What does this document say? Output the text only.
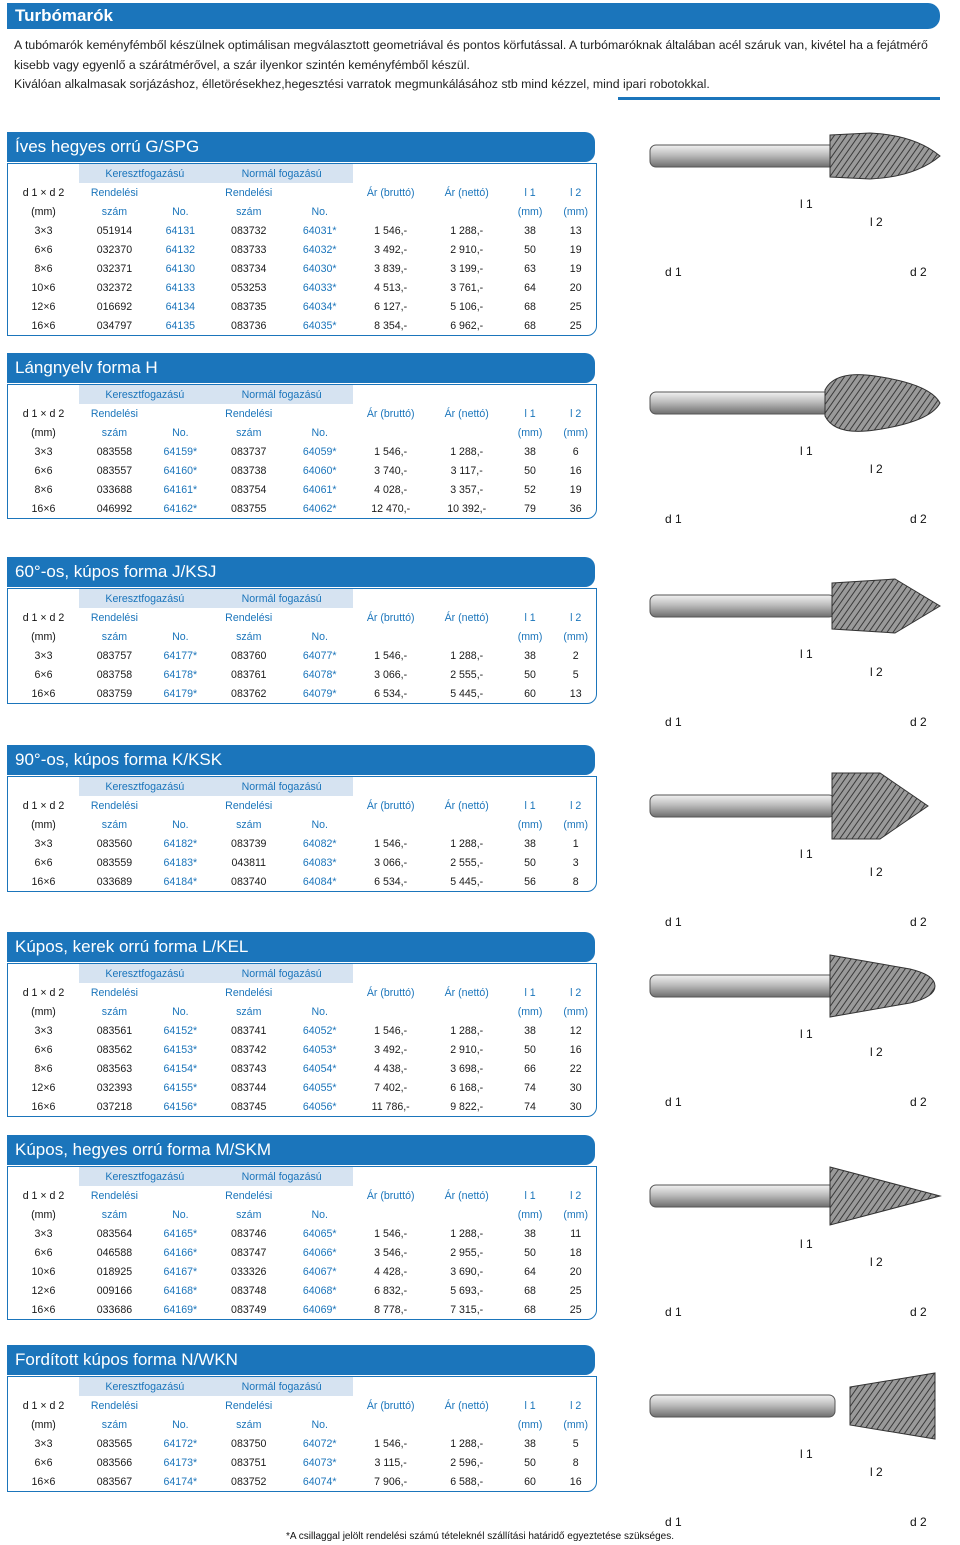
Turbómarók

A tubómarók keményfémből készülnek optimálisan megválasztott geometriával és pontos körfutással. A turbómaróknak általában acél száruk van, kivétel ha a fejátmérő kisebb vagy egyenlő a szárátmérővel, a szár ilyenkor szintén keményfémből készül.

Kiválóan alkalmasak sorjázáshoz, élletörésekhez,hegesztési varratok megmunkálásához stb mind kézzel, mind ipari robotokkal.

Íves hegyes orrú G/SPG
	Keresztfogazású		Normál fogazású					
d 1 × d 2	Rendelési		Rendelési		Ár (bruttó)	Ár (nettó)	l 1	l 2
(mm)	szám	No.	szám	No.			(mm)	(mm)
3×3	051914	64131	083732	64031*	1 546,-	1 288,-	38	13
6×6	032370	64132	083733	64032*	3 492,-	2 910,-	50	19
8×6	032371	64130	083734	64030*	3 839,-	3 199,-	63	19
10×6	032372	64133	053253	64033*	4 513,-	3 761,-	64	20
12×6	016692	64134	083735	64034*	6 127,-	5 106,-	68	25
16×6	034797	64135	083736	64035*	8 354,-	6 962,-	68	25
l 1
l 2
d 1	d 2
Lángnyelv forma H
	Keresztfogazású		Normál fogazású					
d 1 × d 2	Rendelési		Rendelési		Ár (bruttó)	Ár (nettó)	l 1	l 2
(mm)	szám	No.	szám	No.			(mm)	(mm)
3×3	083558	64159*	083737	64059*	1 546,-	1 288,-	38	6
6×6	083557	64160*	083738	64060*	3 740,-	3 117,-	50	16
8×6	033688	64161*	083754	64061*	4 028,-	3 357,-	52	19
16×6	046992	64162*	083755	64062*	12 470,-	10 392,-	79	36
l 1
l 2
d 1	d 2
60°-os, kúpos forma J/KSJ
	Keresztfogazású		Normál fogazású					
d 1 × d 2	Rendelési		Rendelési		Ár (bruttó)	Ár (nettó)	l 1	l 2
(mm)	szám	No.	szám	No.			(mm)	(mm)
3×3	083757	64177*	083760	64077*	1 546,-	1 288,-	38	2
6×6	083758	64178*	083761	64078*	3 066,-	2 555,-	50	5
16×6	083759	64179*	083762	64079*	6 534,-	5 445,-	60	13
l 1
l 2
d 1	d 2
90°-os, kúpos forma K/KSK
	Keresztfogazású		Normál fogazású					
d 1 × d 2	Rendelési		Rendelési		Ár (bruttó)	Ár (nettó)	l 1	l 2
(mm)	szám	No.	szám	No.			(mm)	(mm)
3×3	083560	64182*	083739	64082*	1 546,-	1 288,-	38	1
6×6	083559	64183*	043811	64083*	3 066,-	2 555,-	50	3
16×6	033689	64184*	083740	64084*	6 534,-	5 445,-	56	8
l 1
l 2
d 1	d 2
Kúpos, kerek orrú forma L/KEL
	Keresztfogazású		Normál fogazású					
d 1 × d 2	Rendelési		Rendelési		Ár (bruttó)	Ár (nettó)	l 1	l 2
(mm)	szám	No.	szám	No.			(mm)	(mm)
3×3	083561	64152*	083741	64052*	1 546,-	1 288,-	38	12
6×6	083562	64153*	083742	64053*	3 492,-	2 910,-	50	16
8×6	083563	64154*	083743	64054*	4 438,-	3 698,-	66	22
12×6	032393	64155*	083744	64055*	7 402,-	6 168,-	74	30
16×6	037218	64156*	083745	64056*	11 786,-	9 822,-	74	30
l 1
l 2
d 1	d 2
Kúpos, hegyes orrú forma M/SKM
	Keresztfogazású		Normál fogazású					
d 1 × d 2	Rendelési		Rendelési		Ár (bruttó)	Ár (nettó)	l 1	l 2
(mm)	szám	No.	szám	No.			(mm)	(mm)
3×3	083564	64165*	083746	64065*	1 546,-	1 288,-	38	11
6×6	046588	64166*	083747	64066*	3 546,-	2 955,-	50	18
10×6	018925	64167*	033326	64067*	4 428,-	3 690,-	64	20
12×6	009166	64168*	083748	64068*	6 832,-	5 693,-	68	25
16×6	033686	64169*	083749	64069*	8 778,-	7 315,-	68	25
l 1
l 2
d 1	d 2
Fordított kúpos forma N/WKN
	Keresztfogazású		Normál fogazású					
d 1 × d 2	Rendelési		Rendelési		Ár (bruttó)	Ár (nettó)	l 1	l 2
(mm)	szám	No.	szám	No.			(mm)	(mm)
3×3	083565	64172*	083750	64072*	1 546,-	1 288,-	38	5
6×6	083566	64173*	083751	64073*	3 115,-	2 596,-	50	8
16×6	083567	64174*	083752	64074*	7 906,-	6 588,-	60	16
l 1
l 2
d 1	d 2
*A csillaggal jelölt rendelési számú tételeknél szállítási határidő egyeztetése szükséges.
